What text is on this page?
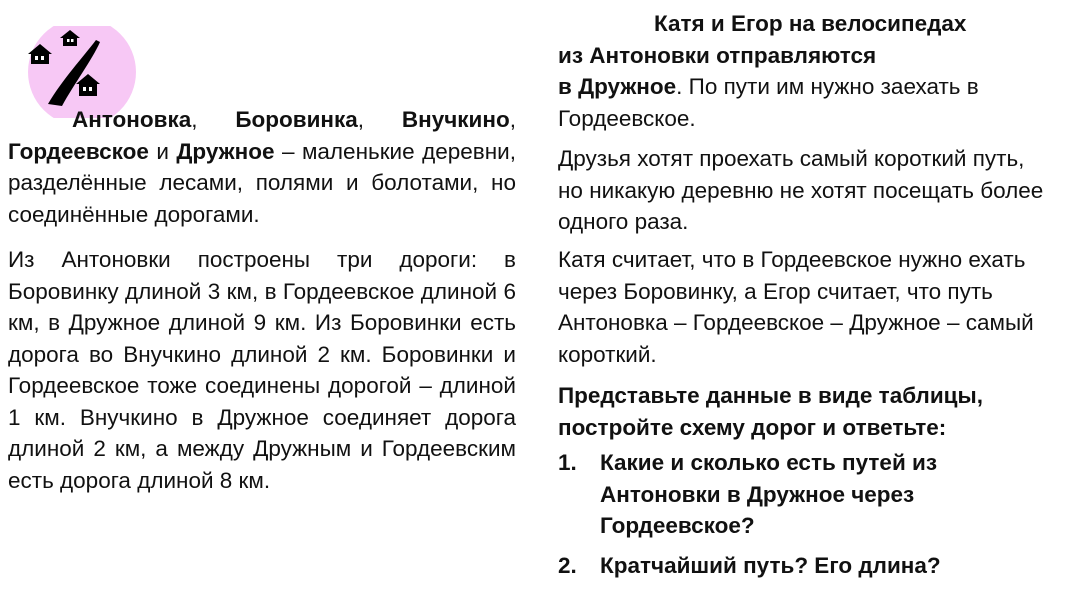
Антоновка, Боровинка, Внучкино, Гордеевское и Дружное – маленькие деревни, разделённые лесами, полями и болотами, но соединённые дорогами.

Из Антоновки построены три дороги: в Боровинку длиной 3 км, в Гордеевское длиной 6 км, в Дружное длиной 9 км. Из Боровинки есть дорога во Внучкино длиной 2 км. Боровинки и Гордеевское тоже соединены дорогой – длиной 1 км. Внучкино в Дружное соединяет дорога длиной 2 км, а между Дружным и Гордеевским есть дорога длиной 8 км.

Катя и Егор на велосипедах
из Антоновки отправляются
в Дружное. По пути им нужно заехать в Гордеевское.

Друзья хотят проехать самый короткий путь, но никакую деревню не хотят посещать более одного раза.

Катя считает, что в Гордеевское нужно ехать через Боровинку, а Егор считает, что путь Антоновка – Гордеевское – Дружное – самый короткий.

Представьте данные в виде таблицы, постройте схему дорог и ответьте:

1.	Какие и сколько есть путей из Антоновки в Дружное через Гордеевское?
2.	Кратчайший путь? Его длина?
